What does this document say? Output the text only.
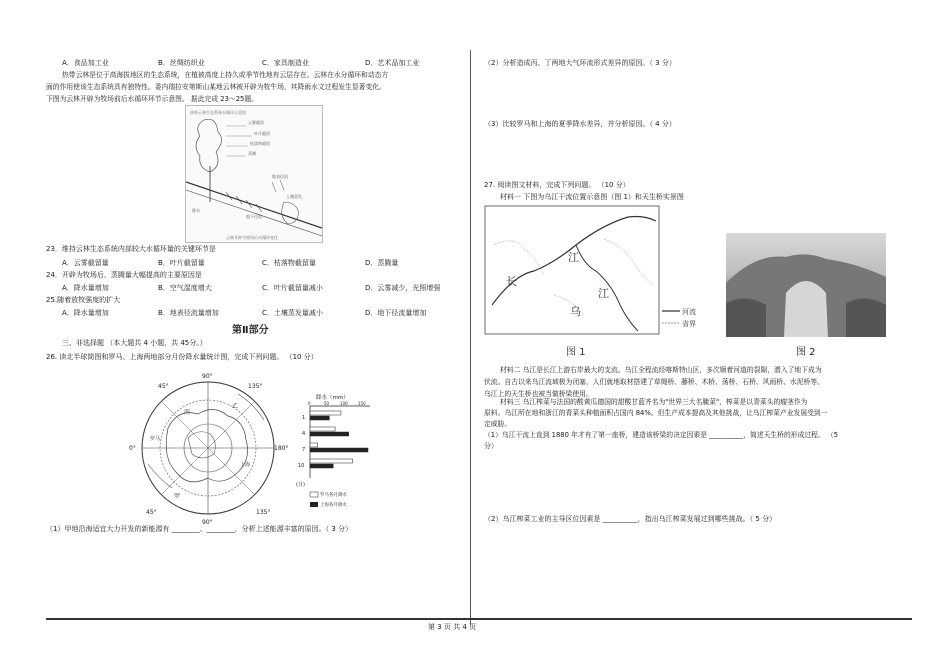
A．食品加工业	B．丝绸纺织业	C．家具制造业	D．艺术品加工业
热带云林是位于高海拔地区的生态系统，在植被高度上持久或季节性地有云层存在。云林在水分循环和动态方
面的作用使该生态系统具有独特性。委内瑞拉安第斯山某地云林被开辟为牧牛场，其降雨水文过程发生显著变化。
下图为云林开辟为牧场前后水循环环节示意图。 据此完成 23～25题。
热带云林生态系统水循环示意图
云雾截留
叶片截留
枯落物截留
蒸腾
地表径流
土壤蒸发
降水
地下径流
云林开辟为牧场后水循环变化
23．维持云林生态系统内部较大水循环量的关键环节是
A．云雾截留量	B．叶片截留量	C．枯落物截留量	D．蒸腾量
24．开辟为牧场后，蒸腾量大幅提高的主要原因是
A．降水量增加	B．空气湿度增大	C．叶片截留量减小	D．云雾减少，光照增强
25.随着放牧强度的扩大
A．降水量增加	B．地表径流量增加	C．土壤蒸发量减小	D．地下径流量增加
第Ⅱ部分
三、非选择题 （本大题共 4 小题，共 45分。）
26. 读北半球简图和罗马、上海两地部分月份降水量统计图，完成下列问题。 （10 分）
90°
45°	135°
0°	180°
45°	135°
90°
罗马
上海
甲
乙
丙
降水（mm）
0	50	100	150
1
4
7
10
(月)
罗马各月降水
上海各月降水
（1）甲地沿海适宜大力开发的新能源有 ________、________，分析上述能源丰富的原因。（ 3 分）
（2）分析造成丙、丁两地大气环流形式差异的原因。（ 3 分）
（3）比较罗马和上海的夏季降水差异，并分析原因。（ 4 分）
27. 阅读图文材料，完成下列问题。 （10 分）
材料一 下图为乌江干流位置示意图（图 1）和天生桥实景图
长
江
乌
江
河流
省界
图 1	图 2
材料二 乌江是长江上游右岸最大的支流。乌江全程流经喀斯特山区，多次顺着河道的裂隙，潜入了地下成为
伏流。自古以来乌江流域极为闭塞，人们就地取材搭建了草绳桥、藤桥、木桥、荡桥、石桥、风雨桥、水泥桥等。
乌江上的天生桥也被当做桥梁使用。
材料三 乌江榨菜与法国的酸黄瓜德国的甜酸甘蓝齐名为"世界三大名腌菜"，榨菜是以青菜头的瘤茎作为
原料。乌江所在地和浙江的青菜头种植面积占国内 84%。但生产成本提高及其他挑战，让乌江榨菜产业发展受到一
定威胁。
（1）乌江干流上直到 1880 年才有了第一座桥，建造该桥梁的决定因素是 __________，简述天生桥的形成过程。 （5
分）
（2）乌江榨菜工业的主导区位因素是 __________，指出乌江榨菜发展过到哪些挑战。（ 5 分）
第 3 页 共 4 页
